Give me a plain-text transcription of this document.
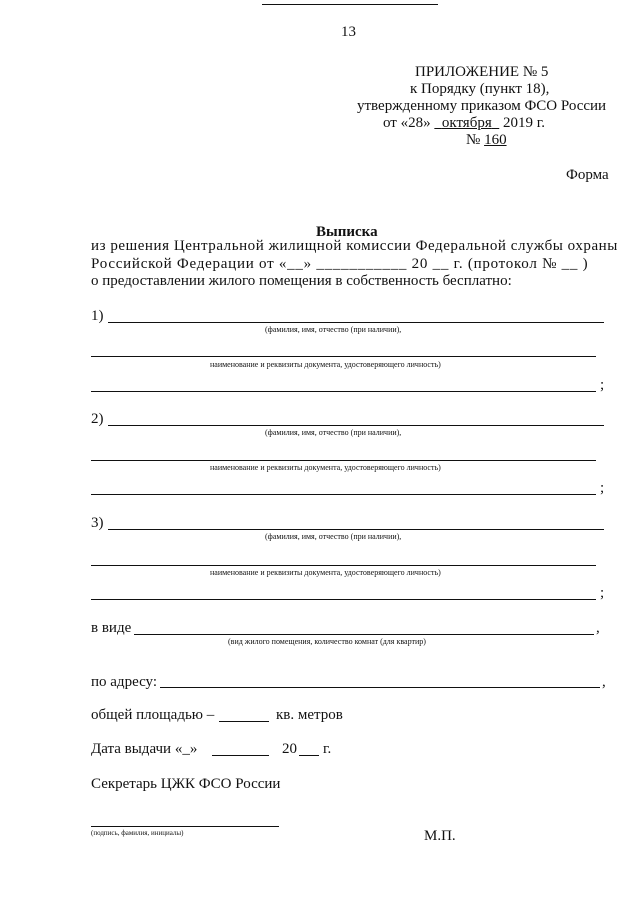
13
ПРИЛОЖЕНИЕ № 5
к Порядку (пункт 18),
утвержденному приказом ФСО России
от «28» октября 2019 г.
№ 160
Форма
Выписка
из решения Центральной жилищной комиссии Федеральной службы охраны
Российской Федерации от «__» ___________ 20 __ г. (протокол № __ )
о предоставлении жилого помещения в собственность бесплатно:
1)
(фамилия, имя, отчество (при наличии),
наименование и реквизиты документа, удостоверяющего личность)
;
2)
(фамилия, имя, отчество (при наличии),
наименование и реквизиты документа, удостоверяющего личность)
;
3)
(фамилия, имя, отчество (при наличии),
наименование и реквизиты документа, удостоверяющего личность)
;
в виде	,
(вид жилого помещения, количество комнат (для квартир)
по адресу:	,
общей площадью –	кв. метров
Дата выдачи «_»	20 г.
Секретарь ЦЖК ФСО России
(подпись, фамилия, инициалы)	М.П.
